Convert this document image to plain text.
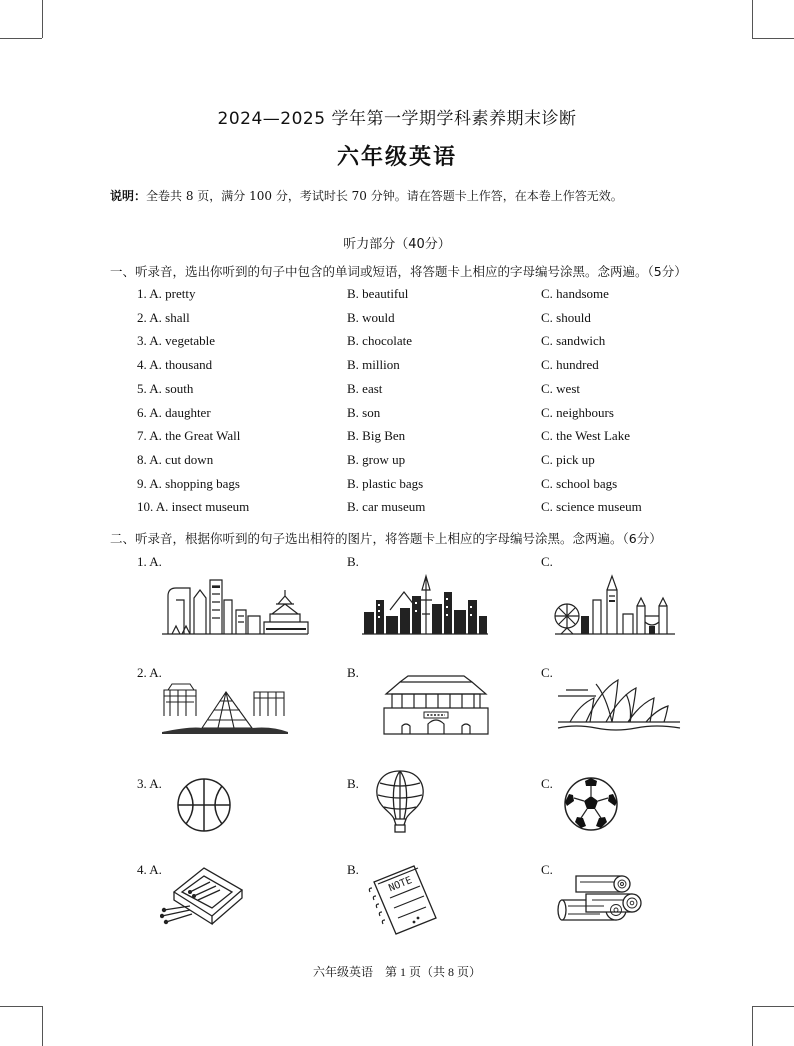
2024—2025 学年第一学期学科素养期末诊断
六年级英语
说明：全卷共 8 页，满分 100 分，考试时长 70 分钟。请在答题卡上作答，在本卷上作答无效。
听力部分（40分）
一、听录音，选出你听到的句子中包含的单词或短语，将答题卡上相应的字母编号涂黑。念两遍。（5分）
1. A. pretty	B. beautiful	C. handsome
2. A. shall	B. would	C. should
3. A. vegetable	B. chocolate	C. sandwich
4. A. thousand	B. million	C. hundred
5. A. south	B. east	C. west
6. A. daughter	B. son	C. neighbours
7. A. the Great Wall	B. Big Ben	C. the West Lake
8. A. cut down	B. grow up	C. pick up
9. A. shopping bags	B. plastic bags	C. school bags
10. A. insect museum	B. car museum	C. science museum
二、听录音，根据你听到的句子选出相符的图片，将答题卡上相应的字母编号涂黑。念两遍。（6分）
1. A.	B.	C.
2. A.	B.	C.
3. A.	B.	C.
4. A.	B.	C.
NOTE
六年级英语　第 1 页（共 8 页）
